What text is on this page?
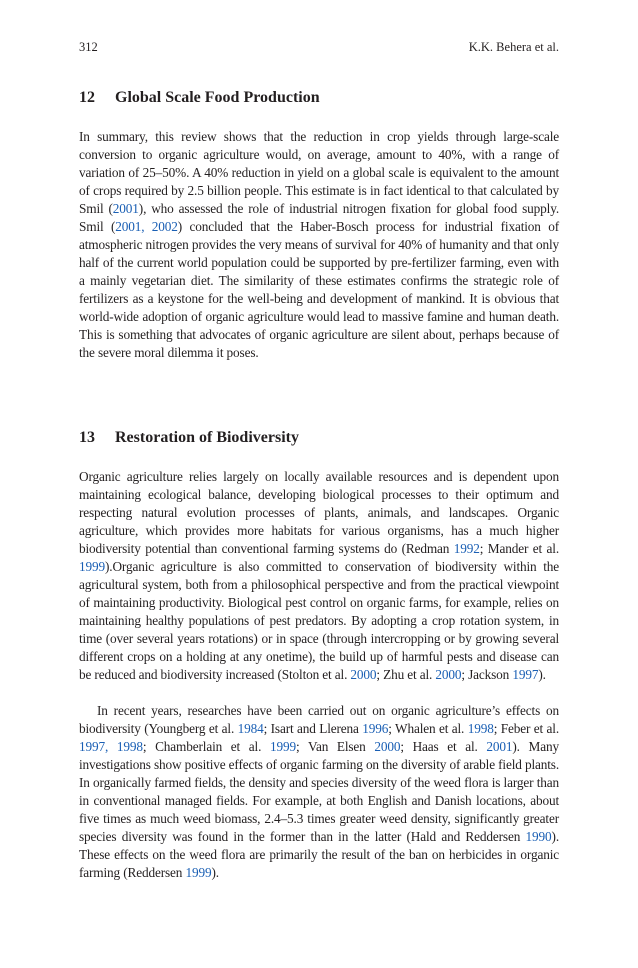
312	K.K. Behera et al.
12 Global Scale Food Production

In summary, this review shows that the reduction in crop yields through large-scale conversion to organic agriculture would, on average, amount to 40%, with a range of variation of 25–50%. A 40% reduction in yield on a global scale is equivalent to the amount of crops required by 2.5 billion people. This estimate is in fact identical to that calculated by Smil (2001), who assessed the role of industrial nitrogen fixation for global food supply. Smil (2001, 2002) concluded that the Haber-Bosch process for industrial fixation of atmospheric nitrogen provides the very means of survival for 40% of humanity and that only half of the current world population could be supported by pre-fertilizer farming, even with a mainly vegetarian diet. The similarity of these estimates confirms the strategic role of fertilizers as a keystone for the well-being and development of mankind. It is obvious that world-wide adoption of organic agriculture would lead to massive famine and human death. This is something that advocates of organic agriculture are silent about, perhaps because of the severe moral dilemma it poses.

13 Restoration of Biodiversity

Organic agriculture relies largely on locally available resources and is dependent upon maintaining ecological balance, developing biological processes to their optimum and respecting natural evolution processes of plants, animals, and landscapes. Organic agriculture, which provides more habitats for various organisms, has a much higher biodiversity potential than conventional farming systems do (Redman 1992; Mander et al. 1999).Organic agriculture is also committed to conservation of biodiversity within the agricultural system, both from a philosophical perspective and from the practical viewpoint of maintaining productivity. Biological pest control on organic farms, for example, relies on maintaining healthy populations of pest predators. By adopting a crop rotation system, in time (over several years rotations) or in space (through intercropping or by growing several different crops on a holding at any onetime), the build up of harmful pests and disease can be reduced and biodiversity increased (Stolton et al. 2000; Zhu et al. 2000; Jackson 1997).

In recent years, researches have been carried out on organic agriculture’s effects on biodiversity (Youngberg et al. 1984; Isart and Llerena 1996; Whalen et al. 1998; Feber et al. 1997, 1998; Chamberlain et al. 1999; Van Elsen 2000; Haas et al. 2001). Many investigations show positive effects of organic farming on the diversity of arable field plants. In organically farmed fields, the density and species diversity of the weed flora is larger than in conventional managed fields. For example, at both English and Danish locations, about five times as much weed biomass, 2.4–5.3 times greater weed density, significantly greater species diversity was found in the former than in the latter (Hald and Reddersen 1990). These effects on the weed flora are primarily the result of the ban on herbicides in organic farming (Reddersen 1999).
